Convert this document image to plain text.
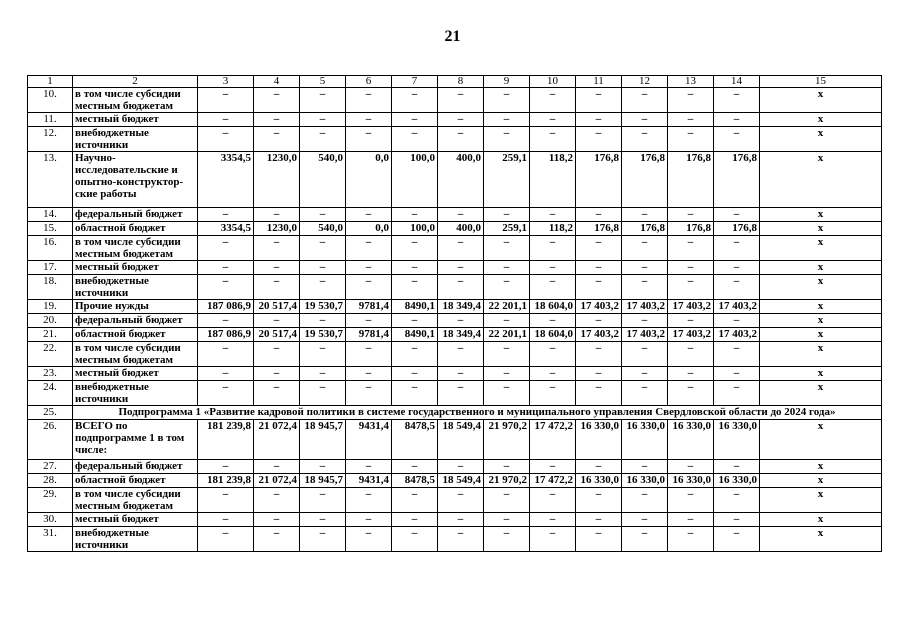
21
1	2	3	4	5	6	7	8	9	10	11	12	13	14	15
10.	в том числе субсидии местным бюджетам	–	–	–	–	–	–	–	–	–	–	–	–	x
11.	местный бюджет	–	–	–	–	–	–	–	–	–	–	–	–	x
12.	внебюджетные источники	–	–	–	–	–	–	–	–	–	–	–	–	x
13.	Научно-исследовательские и опытно-конструктор-ские работы	3354,5	1230,0	540,0	0,0	100,0	400,0	259,1	118,2	176,8	176,8	176,8	176,8	x
14.	федеральный бюджет	–	–	–	–	–	–	–	–	–	–	–	–	x
15.	областной бюджет	3354,5	1230,0	540,0	0,0	100,0	400,0	259,1	118,2	176,8	176,8	176,8	176,8	x
16.	в том числе субсидии местным бюджетам	–	–	–	–	–	–	–	–	–	–	–	–	x
17.	местный бюджет	–	–	–	–	–	–	–	–	–	–	–	–	x
18.	внебюджетные источники	–	–	–	–	–	–	–	–	–	–	–	–	x
19.	Прочие нужды	187 086,9	20 517,4	19 530,7	9781,4	8490,1	18 349,4	22 201,1	18 604,0	17 403,2	17 403,2	17 403,2	17 403,2	x
20.	федеральный бюджет	–	–	–	–	–	–	–	–	–	–	–	–	x
21.	областной бюджет	187 086,9	20 517,4	19 530,7	9781,4	8490,1	18 349,4	22 201,1	18 604,0	17 403,2	17 403,2	17 403,2	17 403,2	x
22.	в том числе субсидии местным бюджетам	–	–	–	–	–	–	–	–	–	–	–	–	x
23.	местный бюджет	–	–	–	–	–	–	–	–	–	–	–	–	x
24.	внебюджетные источники	–	–	–	–	–	–	–	–	–	–	–	–	x
25.	Подпрограмма 1 «Развитие кадровой политики в системе государственного и муниципального управления Свердловской области до 2024 года»													
26.	ВСЕГО по подпрограмме 1 в том числе:	181 239,8	21 072,4	18 945,7	9431,4	8478,5	18 549,4	21 970,2	17 472,2	16 330,0	16 330,0	16 330,0	16 330,0	x
27.	федеральный бюджет	–	–	–	–	–	–	–	–	–	–	–	–	x
28.	областной бюджет	181 239,8	21 072,4	18 945,7	9431,4	8478,5	18 549,4	21 970,2	17 472,2	16 330,0	16 330,0	16 330,0	16 330,0	x
29.	в том числе субсидии местным бюджетам	–	–	–	–	–	–	–	–	–	–	–	–	x
30.	местный бюджет	–	–	–	–	–	–	–	–	–	–	–	–	x
31.	внебюджетные источники	–	–	–	–	–	–	–	–	–	–	–	–	x
